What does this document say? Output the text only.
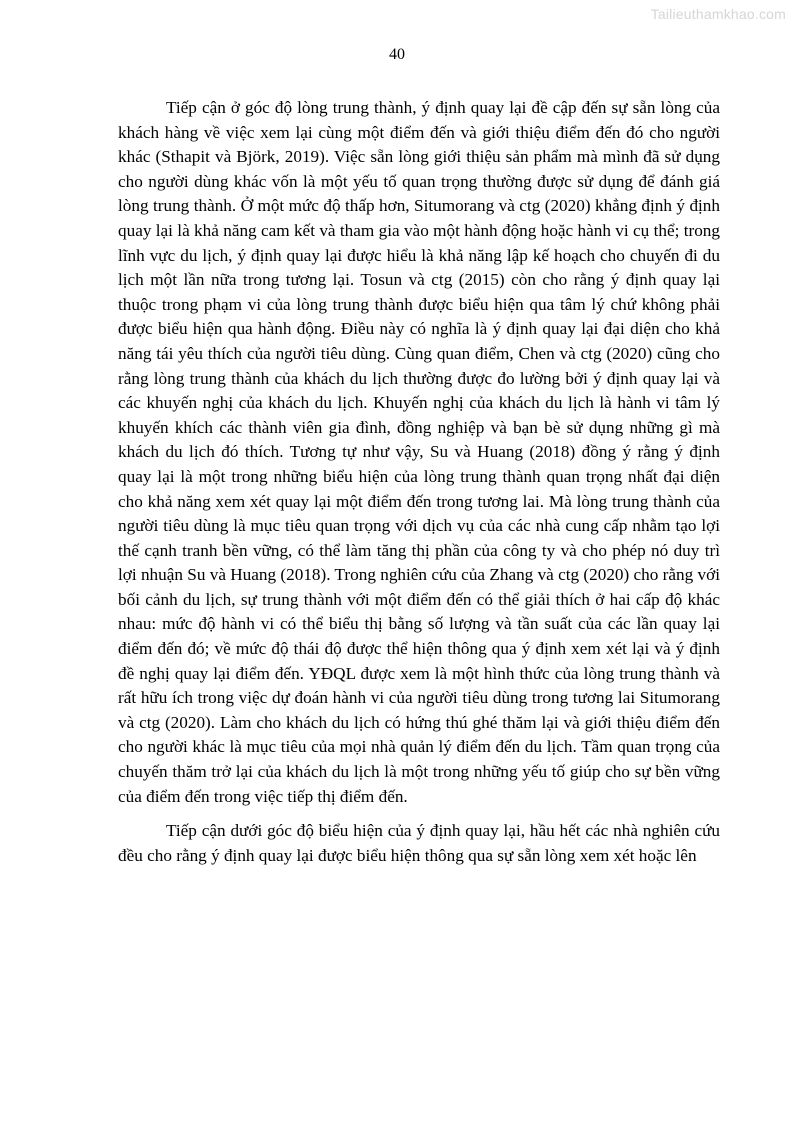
Tailieuthamkhao.com
40

Tiếp cận ở góc độ lòng trung thành, ý định quay lại đề cập đến sự sẵn lòng của khách hàng về việc xem lại cùng một điểm đến và giới thiệu điểm đến đó cho người khác (Sthapit và Björk, 2019). Việc sẵn lòng giới thiệu sản phẩm mà mình đã sử dụng cho người dùng khác vốn là một yếu tố quan trọng thường được sử dụng để đánh giá lòng trung thành. Ở một mức độ thấp hơn, Situmorang và ctg (2020) khẳng định ý định quay lại là khả năng cam kết và tham gia vào một hành động hoặc hành vi cụ thể; trong lĩnh vực du lịch, ý định quay lại được hiểu là khả năng lập kế hoạch cho chuyến đi du lịch một lần nữa trong tương lại. Tosun và ctg (2015) còn cho rằng ý định quay lại thuộc trong phạm vi của lòng trung thành được biểu hiện qua tâm lý chứ không phải được biểu hiện qua hành động. Điều này có nghĩa là ý định quay lại đại diện cho khả năng tái yêu thích của người tiêu dùng. Cùng quan điểm, Chen và ctg (2020) cũng cho rằng lòng trung thành của khách du lịch thường được đo lường bởi ý định quay lại và các khuyến nghị của khách du lịch. Khuyến nghị của khách du lịch là hành vi tâm lý khuyến khích các thành viên gia đình, đồng nghiệp và bạn bè sử dụng những gì mà khách du lịch đó thích. Tương tự như vậy, Su và Huang (2018) đồng ý rằng ý định quay lại là một trong những biểu hiện của lòng trung thành quan trọng nhất đại diện cho khả năng xem xét quay lại một điểm đến trong tương lai. Mà lòng trung thành của người tiêu dùng là mục tiêu quan trọng với dịch vụ của các nhà cung cấp nhằm tạo lợi thế cạnh tranh bền vững, có thể làm tăng thị phần của công ty và cho phép nó duy trì lợi nhuận Su và Huang (2018). Trong nghiên cứu của Zhang và ctg (2020) cho rằng với bối cảnh du lịch, sự trung thành với một điểm đến có thể giải thích ở hai cấp độ khác nhau: mức độ hành vi có thể biểu thị bằng số lượng và tần suất của các lần quay lại điểm đến đó; về mức độ thái độ được thể hiện thông qua ý định xem xét lại và ý định đề nghị quay lại điểm đến. YĐQL được xem là một hình thức của lòng trung thành và rất hữu ích trong việc dự đoán hành vi của người tiêu dùng trong tương lai Situmorang và ctg (2020). Làm cho khách du lịch có hứng thú ghé thăm lại và giới thiệu điểm đến cho người khác là mục tiêu của mọi nhà quản lý điểm đến du lịch. Tầm quan trọng của chuyến thăm trở lại của khách du lịch là một trong những yếu tố giúp cho sự bền vững của điểm đến trong việc tiếp thị điểm đến.

Tiếp cận dưới góc độ biểu hiện của ý định quay lại, hầu hết các nhà nghiên cứu đều cho rằng ý định quay lại được biểu hiện thông qua sự sẵn lòng xem xét hoặc lên
